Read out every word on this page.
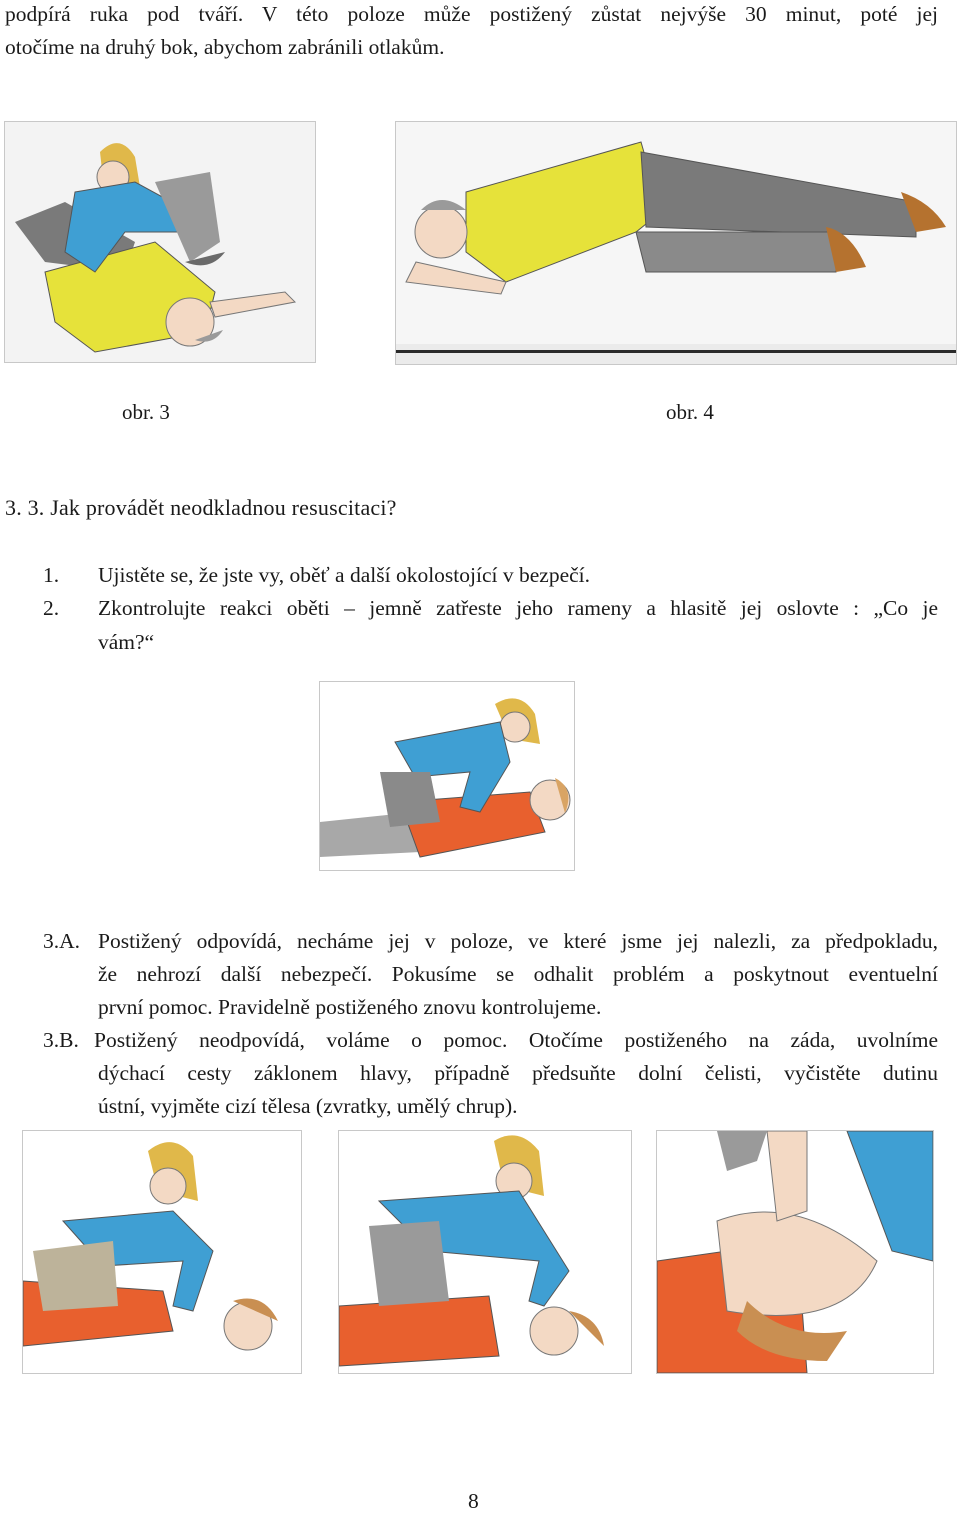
podpírá ruka pod tváří. V této poloze může postižený zůstat nejvýše 30 minut, poté jej
otočíme na druhý bok, abychom zabránili otlakům.
obr. 3	obr. 4
3. 3. Jak provádět neodkladnou resuscitaci?
1. Ujistěte se, že jste vy, oběť a další okolostojící v bezpečí.
2. Zkontrolujte reakci oběti – jemně zatřeste jeho rameny a hlasitě jej oslovte : „Co je
vám?“
3.A. Postižený odpovídá, necháme jej v poloze, ve které jsme jej nalezli, za předpokladu,
že nehrozí další nebezpečí. Pokusíme se odhalit problém a poskytnout eventuelní
první pomoc. Pravidelně postiženého znovu kontrolujeme.
3.B. Postižený neodpovídá, voláme o pomoc. Otočíme postiženého na záda, uvolníme
dýchací cesty záklonem hlavy, případně předsuňte dolní čelisti, vyčistěte dutinu
ústní, vyjměte cizí tělesa (zvratky, umělý chrup).
8
